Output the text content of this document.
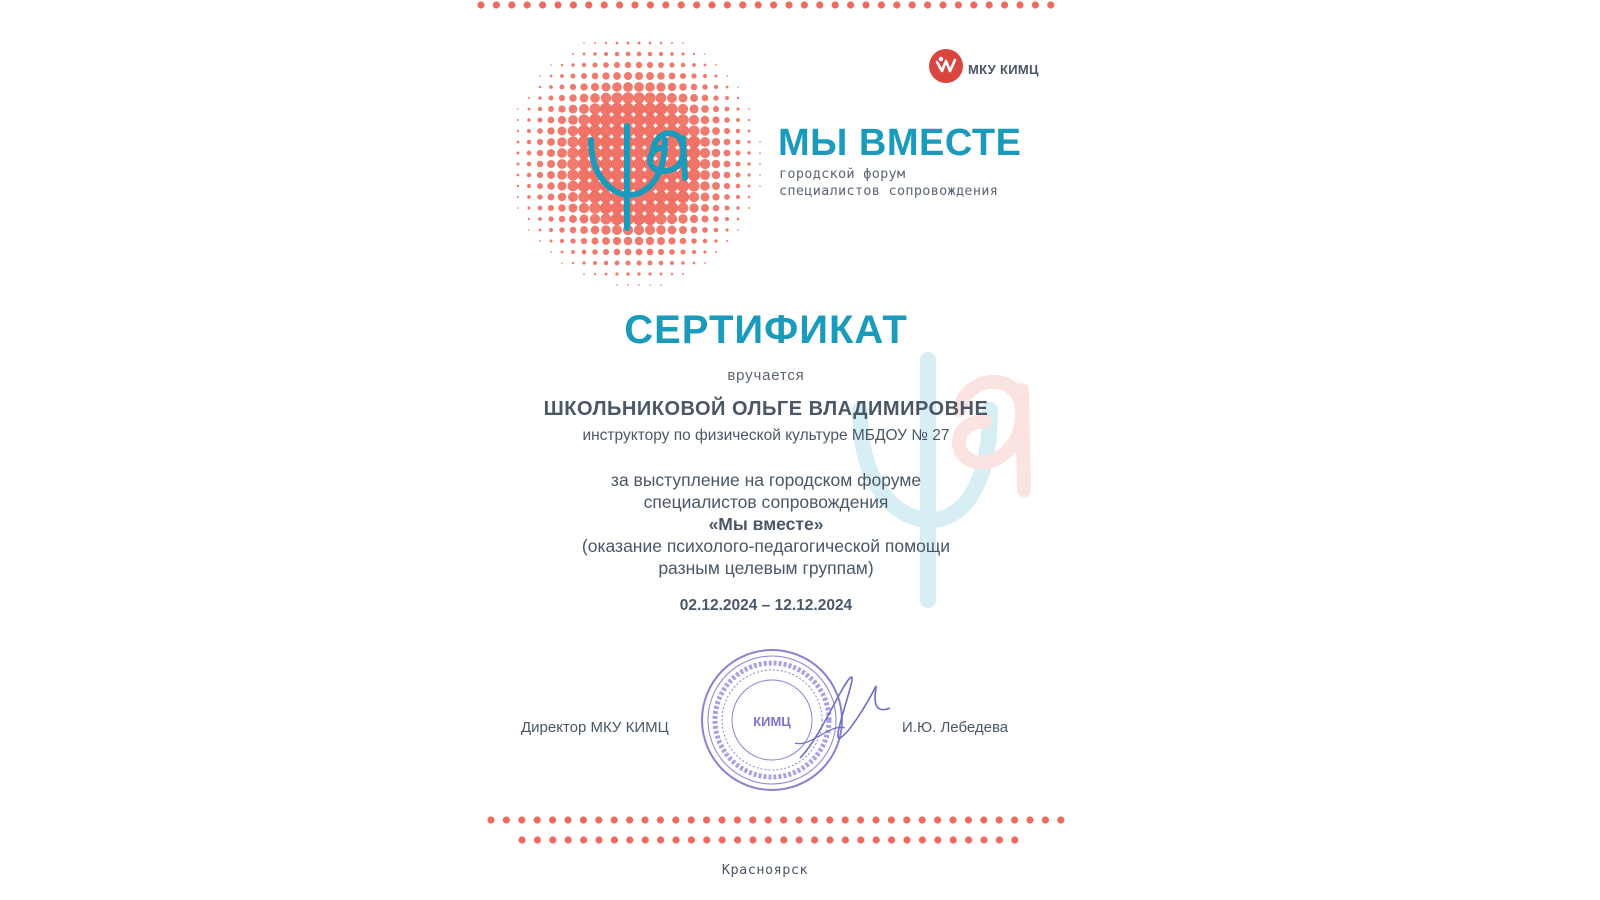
МКУ КИМЦ
МЫ ВМЕСТЕ
городской форум
специалистов сопровождения
СЕРТИФИКАТ
вручается
ШКОЛЬНИКОВОЙ ОЛЬГЕ ВЛАДИМИРОВНЕ
инструктору по физической культуре МБДОУ № 27
за выступление на городском форуме
специалистов сопровождения
«Мы вместе»
(оказание психолого-педагогической помощи
разным целевым группам)
02.12.2024 – 12.12.2024
Директор МКУ КИМЦ	КИМЦ	И.Ю. Лебедева
Красноярск
